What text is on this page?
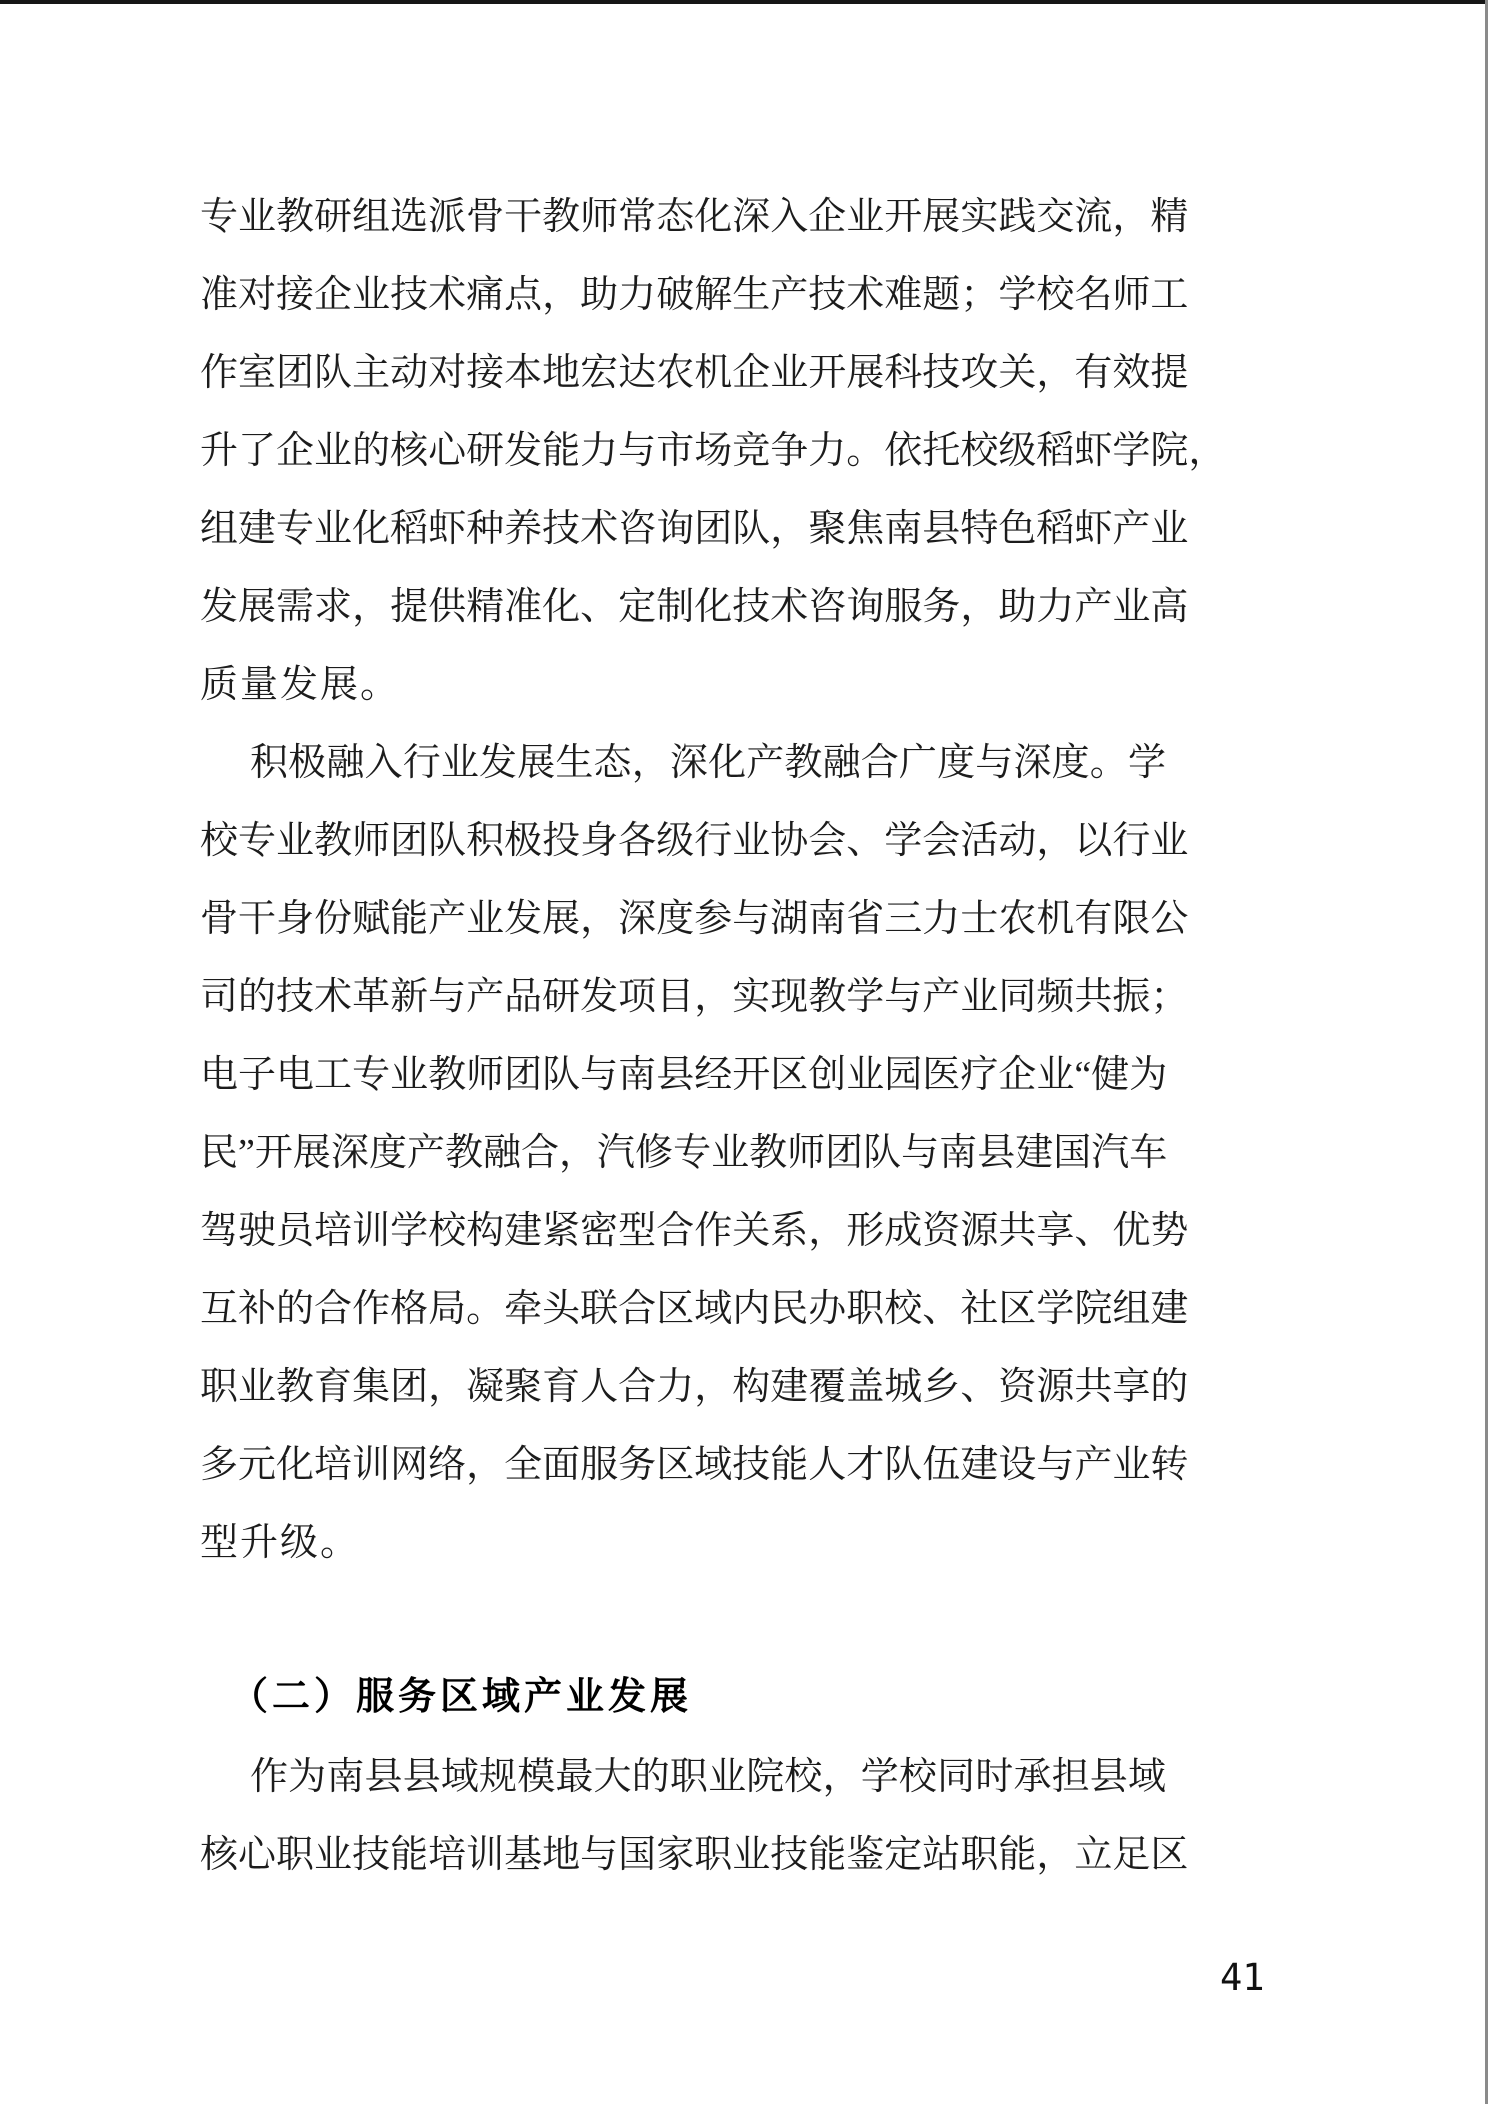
专 业 教 研 组 选 派 骨 干 教 师 常 态 化 深 入 企 业 开 展 实 践 交 流 ， 精
准 对 接 企 业 技 术 痛 点 ， 助 力 破 解 生 产 技 术 难 题 ； 学 校 名 师 工
作 室 团 队 主 动 对 接 本 地 宏 达 农 机 企 业 开 展 科 技 攻 关 ， 有 效 提
升 了 企 业 的 核 心 研 发 能 力 与 市 场 竞 争 力 。 依 托 校 级 稻 虾 学 院 ，
组 建 专 业 化 稻 虾 种 养 技 术 咨 询 团 队 ， 聚 焦 南 县 特 色 稻 虾 产 业
发 展 需 求 ， 提 供 精 准 化 、 定 制 化 技 术 咨 询 服 务 ， 助 力 产 业 高
质量发展。
积 极 融 入 行 业 发 展 生 态 ， 深 化 产 教 融 合 广 度 与 深 度 。 学
校 专 业 教 师 团 队 积 极 投 身 各 级 行 业 协 会 、 学 会 活 动 ， 以 行 业
骨 干 身 份 赋 能 产 业 发 展 ， 深 度 参 与 湖 南 省 三 力 士 农 机 有 限 公
司 的 技 术 革 新 与 产 品 研 发 项 目 ， 实 现 教 学 与 产 业 同 频 共 振 ；
电 子 电 工 专 业 教 师 团 队 与 南 县 经 开 区 创 业 园 医 疗 企 业 “ 健 为
民 ” 开 展 深 度 产 教 融 合 ， 汽 修 专 业 教 师 团 队 与 南 县 建 国 汽 车
驾 驶 员 培 训 学 校 构 建 紧 密 型 合 作 关 系 ， 形 成 资 源 共 享 、 优 势
互 补 的 合 作 格 局 。 牵 头 联 合 区 域 内 民 办 职 校 、 社 区 学 院 组 建
职 业 教 育 集 团 ， 凝 聚 育 人 合 力 ， 构 建 覆 盖 城 乡 、 资 源 共 享 的
多 元 化 培 训 网 络 ， 全 面 服 务 区 域 技 能 人 才 队 伍 建 设 与 产 业 转
型升级。
（二）服务区域产业发展
作 为 南 县 县 域 规 模 最 大 的 职 业 院 校 ， 学 校 同 时 承 担 县 域
核 心 职 业 技 能 培 训 基 地 与 国 家 职 业 技 能 鉴 定 站 职 能 ， 立 足 区
41
